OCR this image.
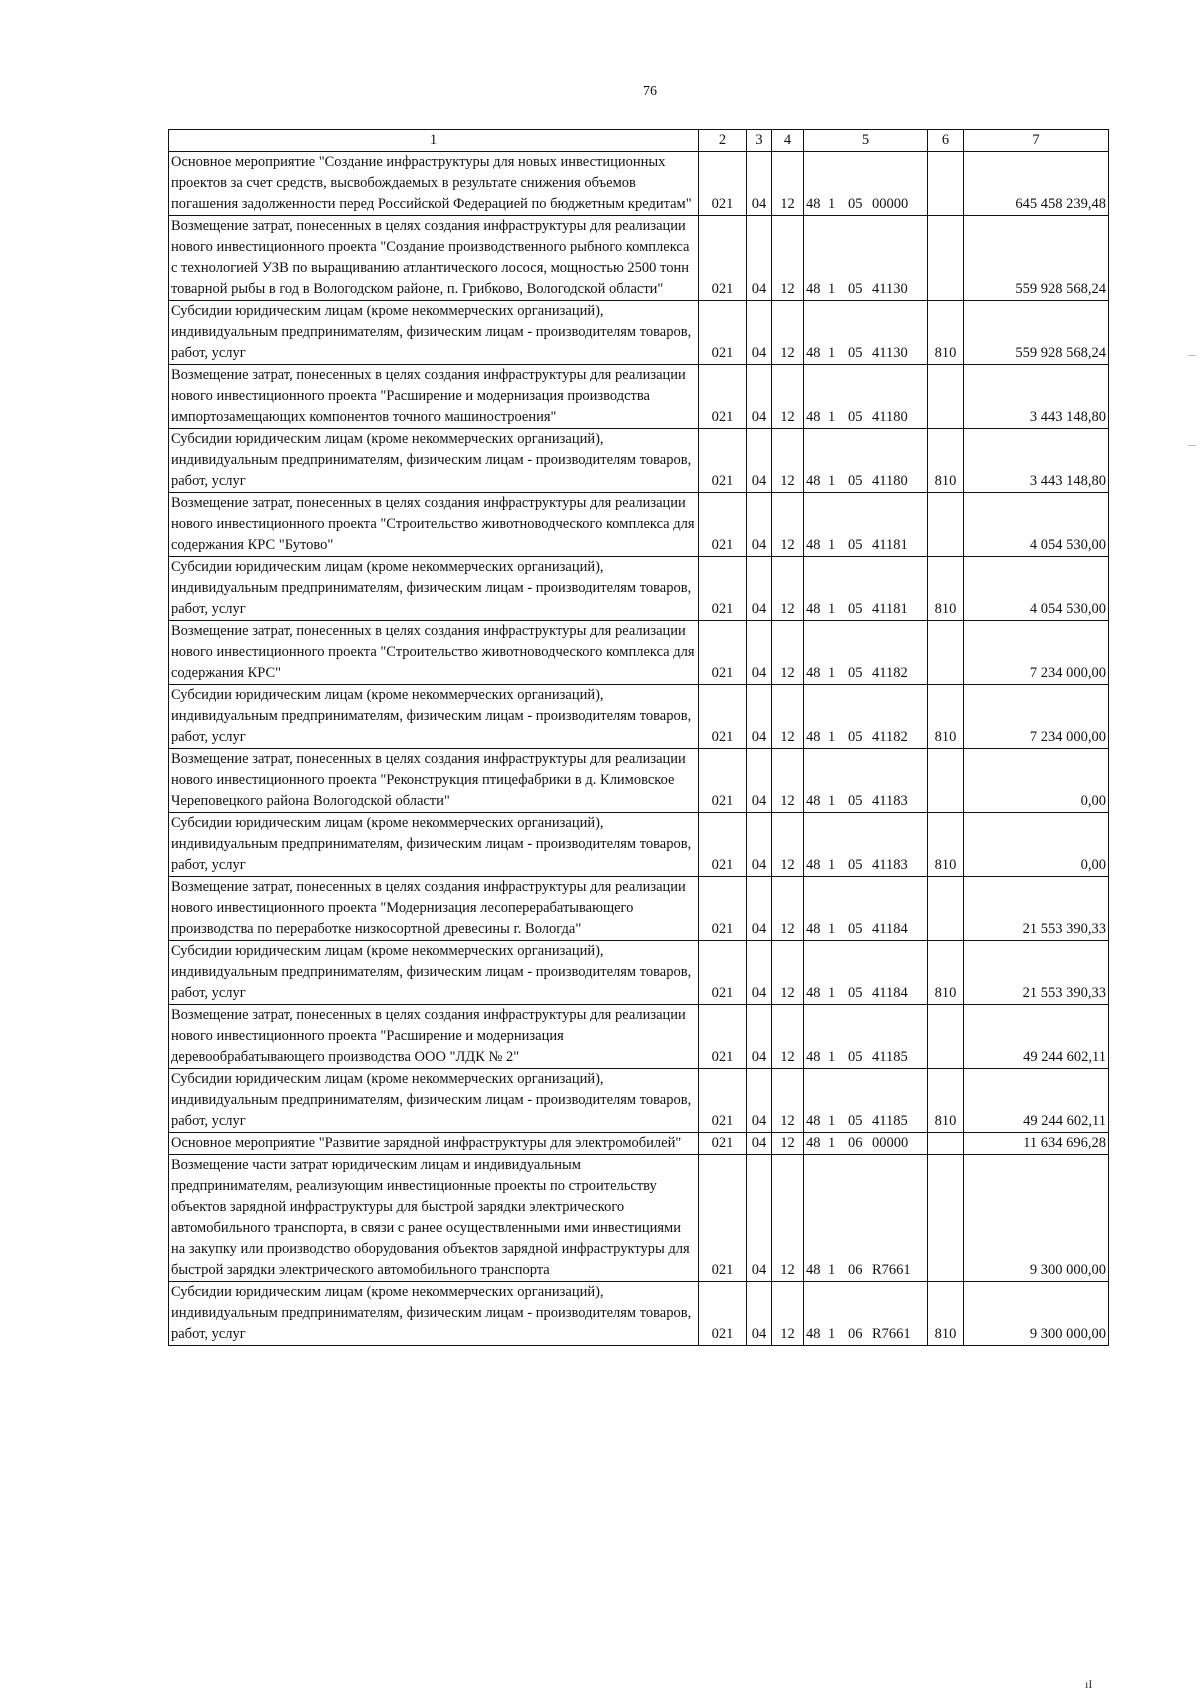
76
1	2	3	4	5	6	7
Основное мероприятие "Создание инфраструктуры для новых инвестиционных проектов за счет средств, высвобождаемых в результате снижения объемов погашения задолженности перед Российской Федерацией по бюджетным кредитам"	021	04	12	48 1 05 00000		645 458 239,48
Возмещение затрат, понесенных в целях создания инфраструктуры для реализации нового инвестиционного проекта "Создание производственного рыбного комплекса с технологией УЗВ по выращиванию атлантического лосося, мощностью 2500 тонн товарной рыбы в год в Вологодском районе, п. Грибково, Вологодской области"	021	04	12	48 1 05 41130		559 928 568,24
Субсидии юридическим лицам (кроме некоммерческих организаций), индивидуальным предпринимателям, физическим лицам - производителям товаров, работ, услуг	021	04	12	48 1 05 41130	810	559 928 568,24
Возмещение затрат, понесенных в целях создания инфраструктуры для реализации нового инвестиционного проекта "Расширение и модернизация производства импортозамещающих компонентов точного машиностроения"	021	04	12	48 1 05 41180		3 443 148,80
Субсидии юридическим лицам (кроме некоммерческих организаций), индивидуальным предпринимателям, физическим лицам - производителям товаров, работ, услуг	021	04	12	48 1 05 41180	810	3 443 148,80
Возмещение затрат, понесенных в целях создания инфраструктуры для реализации нового инвестиционного проекта "Строительство животноводческого комплекса для содержания КРС "Бутово"	021	04	12	48 1 05 41181		4 054 530,00
Субсидии юридическим лицам (кроме некоммерческих организаций), индивидуальным предпринимателям, физическим лицам - производителям товаров, работ, услуг	021	04	12	48 1 05 41181	810	4 054 530,00
Возмещение затрат, понесенных в целях создания инфраструктуры для реализации нового инвестиционного проекта "Строительство животноводческого комплекса для содержания КРС"	021	04	12	48 1 05 41182		7 234 000,00
Субсидии юридическим лицам (кроме некоммерческих организаций), индивидуальным предпринимателям, физическим лицам - производителям товаров, работ, услуг	021	04	12	48 1 05 41182	810	7 234 000,00
Возмещение затрат, понесенных в целях создания инфраструктуры для реализации нового инвестиционного проекта "Реконструкция птицефабрики в д. Климовское Череповецкого района Вологодской области"	021	04	12	48 1 05 41183		0,00
Субсидии юридическим лицам (кроме некоммерческих организаций), индивидуальным предпринимателям, физическим лицам - производителям товаров, работ, услуг	021	04	12	48 1 05 41183	810	0,00
Возмещение затрат, понесенных в целях создания инфраструктуры для реализации нового инвестиционного проекта "Модернизация лесоперерабатывающего производства по переработке низкосортной древесины г. Вологда"	021	04	12	48 1 05 41184		21 553 390,33
Субсидии юридическим лицам (кроме некоммерческих организаций), индивидуальным предпринимателям, физическим лицам - производителям товаров, работ, услуг	021	04	12	48 1 05 41184	810	21 553 390,33
Возмещение затрат, понесенных в целях создания инфраструктуры для реализации нового инвестиционного проекта "Расширение и модернизация деревообрабатывающего производства ООО "ЛДК № 2"	021	04	12	48 1 05 41185		49 244 602,11
Субсидии юридическим лицам (кроме некоммерческих организаций), индивидуальным предпринимателям, физическим лицам - производителям товаров, работ, услуг	021	04	12	48 1 05 41185	810	49 244 602,11
Основное мероприятие "Развитие зарядной инфраструктуры для электромобилей"	021	04	12	48 1 06 00000		11 634 696,28
Возмещение части затрат юридическим лицам и индивидуальным предпринимателям, реализующим инвестиционные проекты по строительству объектов зарядной инфраструктуры для быстрой зарядки электрического автомобильного транспорта, в связи с ранее осуществленными ими инвестициями на закупку или производство оборудования объектов зарядной инфраструктуры для быстрой зарядки электрического автомобильного транспорта	021	04	12	48 1 06 R7661		9 300 000,00
Субсидии юридическим лицам (кроме некоммерческих организаций), индивидуальным предпринимателям, физическим лицам - производителям товаров, работ, услуг	021	04	12	48 1 06 R7661	810	9 300 000,00
ıI
